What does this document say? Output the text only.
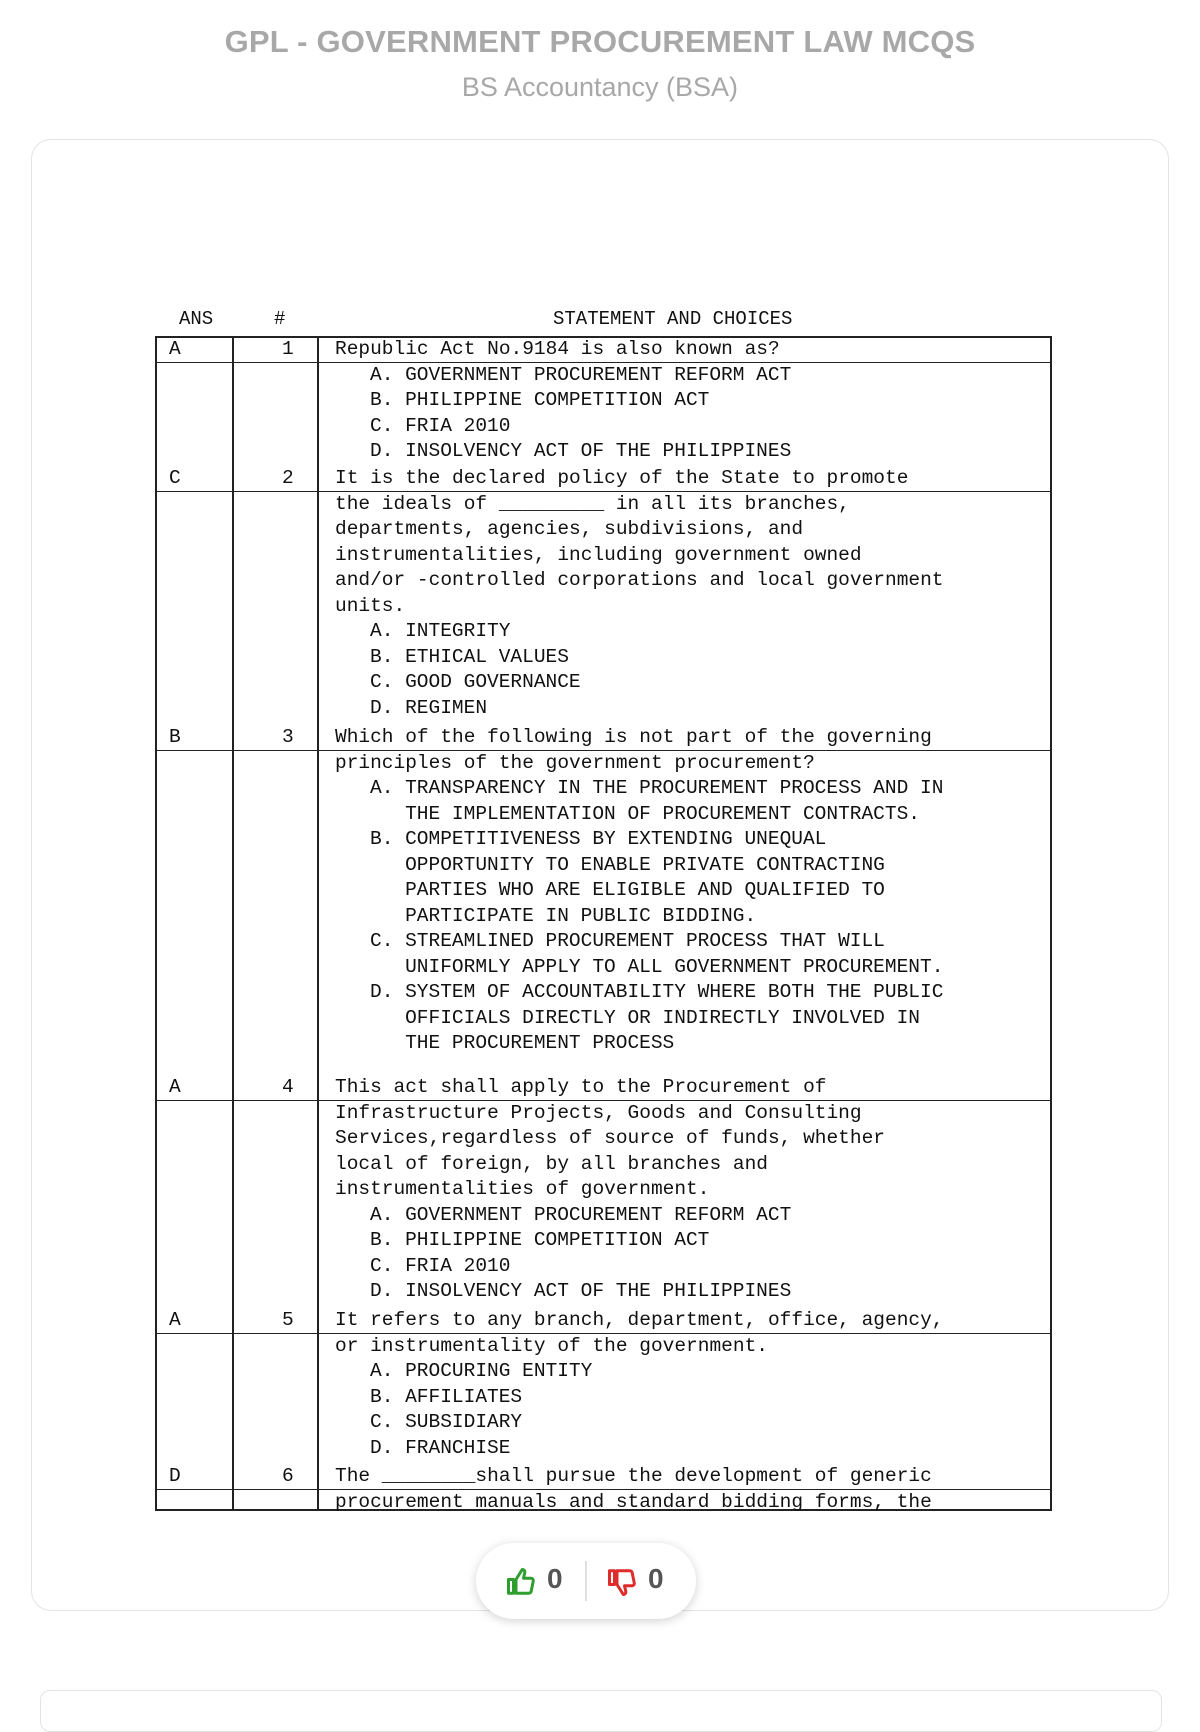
GPL - GOVERNMENT PROCUREMENT LAW MCQS
BS Accountancy (BSA)
ANS	#	STATEMENT AND CHOICES
A	1 Republic Act No.9184 is also known as?
A. GOVERNMENT PROCUREMENT REFORM ACT
B. PHILIPPINE COMPETITION ACT
C. FRIA 2010
D. INSOLVENCY ACT OF THE PHILIPPINES
C	2 It is the declared policy of the State to promote
the ideals of _________ in all its branches,
departments, agencies, subdivisions, and
instrumentalities, including government owned
and/or -controlled corporations and local government
units.
A. INTEGRITY
B. ETHICAL VALUES
C. GOOD GOVERNANCE
D. REGIMEN
B	3 Which of the following is not part of the governing
principles of the government procurement?
A. TRANSPARENCY IN THE PROCUREMENT PROCESS AND IN
THE IMPLEMENTATION OF PROCUREMENT CONTRACTS.
B. COMPETITIVENESS BY EXTENDING UNEQUAL
OPPORTUNITY TO ENABLE PRIVATE CONTRACTING
PARTIES WHO ARE ELIGIBLE AND QUALIFIED TO
PARTICIPATE IN PUBLIC BIDDING.
C. STREAMLINED PROCUREMENT PROCESS THAT WILL
UNIFORMLY APPLY TO ALL GOVERNMENT PROCUREMENT.
D. SYSTEM OF ACCOUNTABILITY WHERE BOTH THE PUBLIC
OFFICIALS DIRECTLY OR INDIRECTLY INVOLVED IN
THE PROCUREMENT PROCESS
A	4 This act shall apply to the Procurement of
Infrastructure Projects, Goods and Consulting
Services,regardless of source of funds, whether
local of foreign, by all branches and
instrumentalities of government.
A. GOVERNMENT PROCUREMENT REFORM ACT
B. PHILIPPINE COMPETITION ACT
C. FRIA 2010
D. INSOLVENCY ACT OF THE PHILIPPINES
A	5 It refers to any branch, department, office, agency,
or instrumentality of the government.
A. PROCURING ENTITY
B. AFFILIATES
C. SUBSIDIARY
D. FRANCHISE
D	6 The ________shall pursue the development of generic
procurement manuals and standard bidding forms, the
0	0
